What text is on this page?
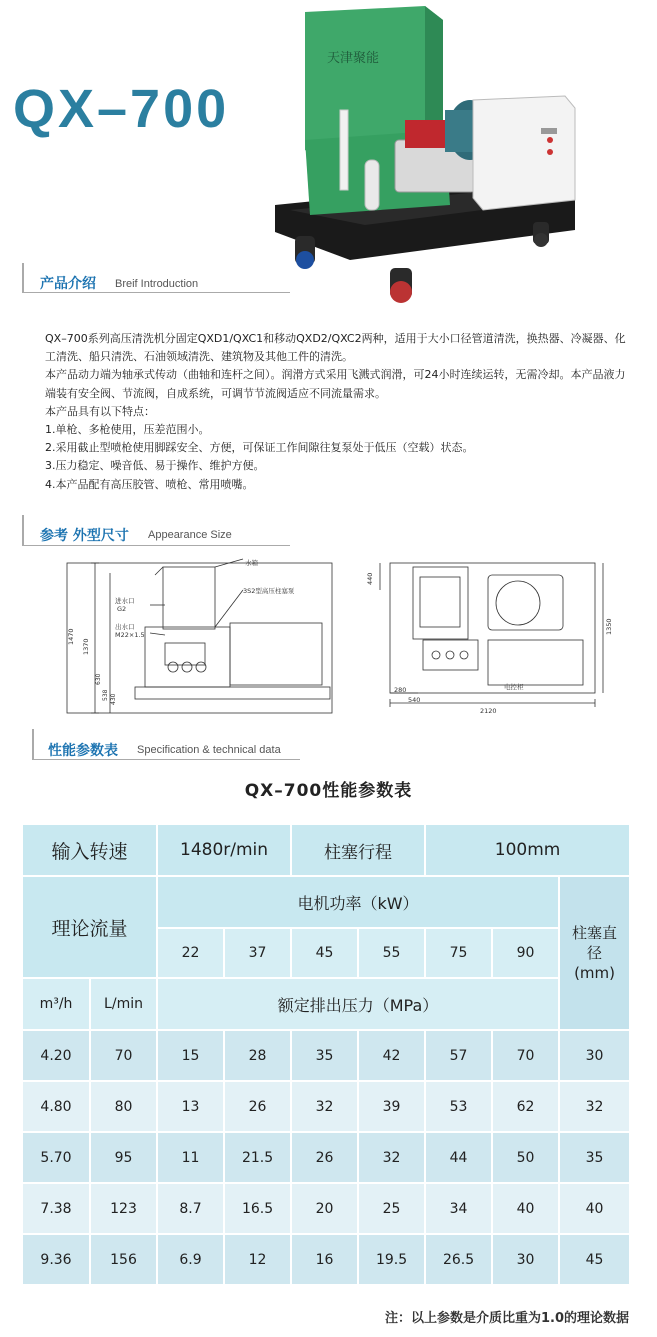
QX–700
天津聚能
产品介绍 Breif Introduction

QX–700系列高压清洗机分固定QXD1/QXC1和移动QXD2/QXC2两种，适用于大小口径管道清洗，换热器、冷凝器、化工清洗、船只清洗、石油领域清洗、建筑物及其他工件的清洗。

本产品动力端为轴承式传动（曲轴和连杆之间）。润滑方式采用飞溅式润滑，可24小时连续运转，无需冷却。本产品液力端装有安全阀、节流阀，自成系统，可调节节流阀适应不同流量需求。

本产品具有以下特点：

1.单枪、多枪使用，压差范围小。

2.采用截止型喷枪使用脚踩安全、方便，可保证工作间隙往复泵处于低压（空载）状态。

3.压力稳定、噪音低、易于操作、维护方便。

4.本产品配有高压胶管、喷枪、常用喷嘴。

参考 外型尺寸 Appearance Size
水箱
3S2型高压柱塞泵
进水口
G2
出水口
M22×1.5
1470
1370
630
538 430
440
1350
280
540
2120
电控柜
性能参数表 Specification & technical data
QX–700性能参数表
输入转速		1480r/min		柱塞行程		100mm		
理论流量		电机功率（kW）						柱塞直径(mm)
		22	37	45	55	75	90	
m³/h	L/min	额定排出压力（MPa）						
4.20	70	15	28	35	42	57	70	30
4.80	80	13	26	32	39	53	62	32
5.70	95	11	21.5	26	32	44	50	35
7.38	123	8.7	16.5	20	25	34	40	40
9.36	156	6.9	12	16	19.5	26.5	30	45
注：以上参数是介质比重为1.0的理论数据
